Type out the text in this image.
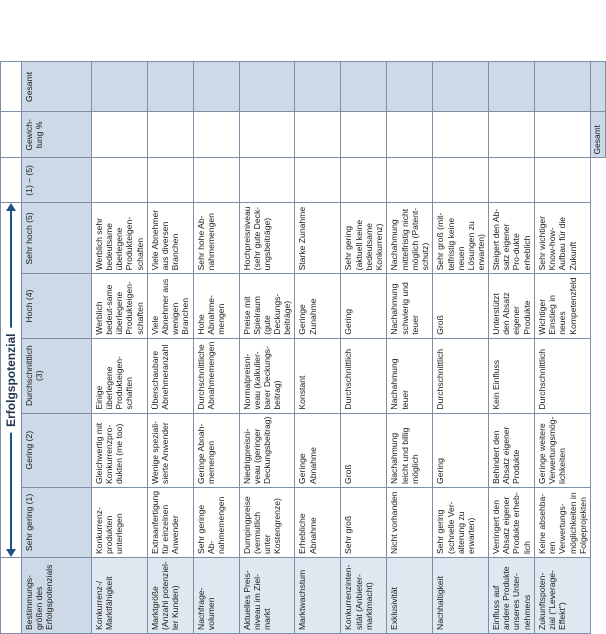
	Erfolgspotenzial							

Bestimmungs-größen des Erfolgspotenzials	Sehr gering (1)	Gering (2)	Durchschnittlich (3)	Hoch (4)	Sehr hoch (5)	(1) – (5)	Gewich-tung %	Gesamt
Konkurrenz-/ Marktfähigkeit	Konkurrenz-produkten unterlegen	Gleichwertig mit Konkurrenzpro-dukten (me too)	Einige überlegene Produkteigen-schaften	Werblich bedeut-same überlegene Produkteigen-schaften	Werblich sehr bedeutsame überlegene Produkteigen-schaften			
Marktgröße (Anzahl potenziel-ler Kunden)	Extraanfertigung für einzelnen Anwender	Wenige speziali-sierte Anwender	Überschaubare Abnehmeranzahl	Viele Abnehmer aus wenigen Branchen	Viele Abnehmer aus diversen Branchen			
Nachfrage-volumen	Sehr geringe Ab-nahmemengen	Geringe Abnah-memengen	Durchschnittliche Abnahmemengen	Hohe Abnahme-mengen	Sehr hohe Ab-nahmemengen			
Aktuelles Preis-niveau im Ziel-markt	Dumpingpreise (vermutlich unter Kostengrenze)	Niedrigpreisni-veau (geringer Deckungsbeitrag)	Normalpreisni-veau (kalkulier-barer Deckungs-beitrag)	Preise mit Spielraum (gute Deckungs-beiträge)	Hochpreisniveau (sehr gute Deck-ungsbeiträge)			
Marktwachstum	Erhebliche Abnahme	Geringe Abnahme	Konstant	Geringe Zunahme	Starke Zunahme			
Konkurrenzinten-sität (Anbieter-marktmacht)	Sehr groß	Groß	Durchschnittlich	Gering	Sehr gering (aktuell keine bedeutsame Konkurrenz)			
Exklusivität	Nicht vorhanden	Nachahmung leicht und billig möglich	Nachahmung teuer	Nachahmung schwierig und teuer	Nachahmung mittelfristig nicht möglich (Patent-schutz)			
Nachhaltigkeit	Sehr gering (schnelle Ver-alterung zu erwarten)	Gering	Durchschnittlich	Groß	Sehr groß (mit-telfristig keine neuen Lösungen zu erwarten)			
Einfluss auf andere Produkte unseres Unter-nehmens	Verringert den Absatz eigener Produkte erheb-lich	Behindert den Absatz eigener Produkte	Kein Einfluss	Unterstützt den Absatz eigener Produkte	Steigert den Ab-satz eigener Pro-dukte erheblich			
Zukunftspoten-zial ("Leverage-Effekt")	Keine absehba-ren Verwertungs-möglichkeiten in Folgeprojekten	Geringe weitere Verwertungsmög-lichkeiten	Durchschnittlich	Wichtiger Einstieg in neues Kompetenzfeld	Sehr wichtiger Know-how-Aufbau für die Zukunft			
							Gesamt	
